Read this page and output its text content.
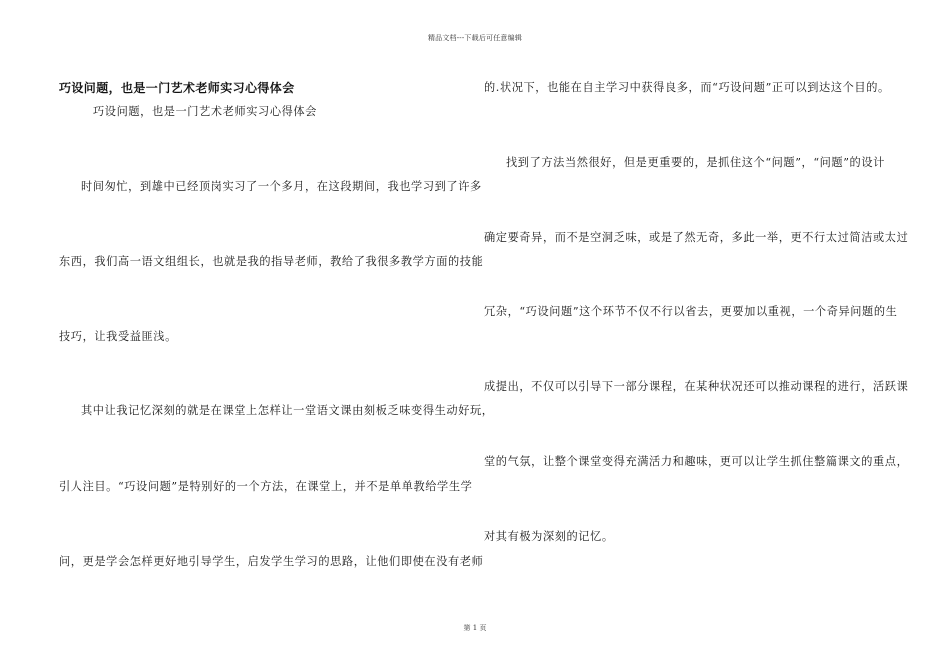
精品文档---下载后可任意编辑
巧设问题，也是一门艺术老师实习心得体会
巧设问题，也是一门艺术老师实习心得体会
时间匆忙，到雄中已经顶岗实习了一个多月，在这段期间，我也学习到了许多
东西，我们高一语文组组长，也就是我的指导老师，教给了我很多教学方面的技能
技巧，让我受益匪浅。
其中让我记忆深刻的就是在课堂上怎样让一堂语文课由刻板乏味变得生动好玩，
引人注目。“巧设问题”是特别好的一个方法，在课堂上，并不是单单教给学生学
问，更是学会怎样更好地引导学生，启发学生学习的思路，让他们即使在没有老师
的.状况下，也能在自主学习中获得良多，而“巧设问题”正可以到达这个目的。
找到了方法当然很好，但是更重要的，是抓住这个“问题”，“问题”的设计
确定要奇异，而不是空洞乏味，或是了然无奇，多此一举，更不行太过简洁或太过
冗杂，“巧设问题”这个环节不仅不行以省去，更要加以重视，一个奇异问题的生
成提出，不仅可以引导下一部分课程，在某种状况还可以推动课程的进行，活跃课
堂的气氛，让整个课堂变得充满活力和趣味，更可以让学生抓住整篇课文的重点，
对其有极为深刻的记忆。
第 1 页
